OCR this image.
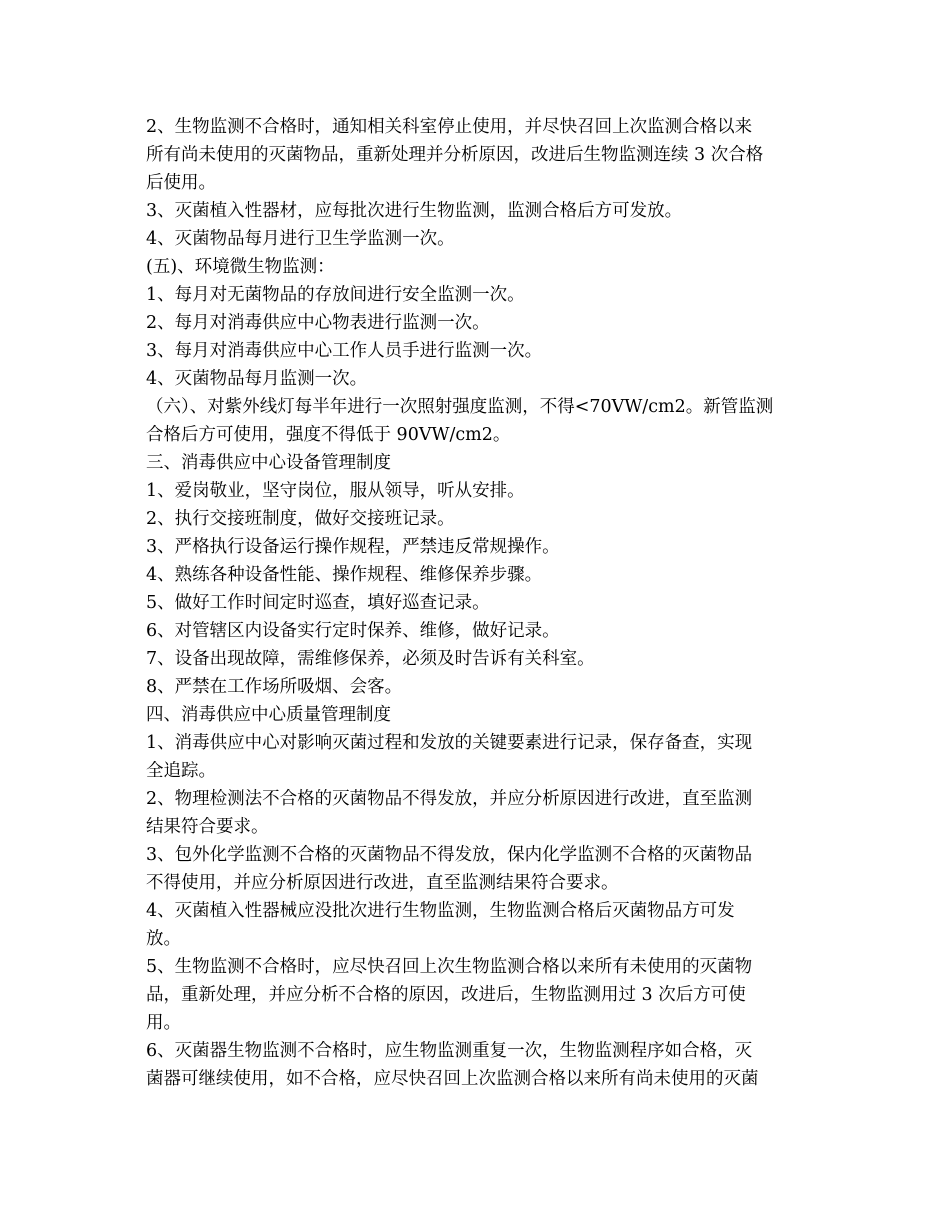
2、生物监测不合格时，通知相关科室停止使用，并尽快召回上次监测合格以来
所有尚未使用的灭菌物品，重新处理并分析原因，改进后生物监测连续 3 次合格
后使用。
3、灭菌植入性器材，应每批次进行生物监测，监测合格后方可发放。
4、灭菌物品每月进行卫生学监测一次。
(五)、环境微生物监测：
1、每月对无菌物品的存放间进行安全监测一次。
2、每月对消毒供应中心物表进行监测一次。
3、每月对消毒供应中心工作人员手进行监测一次。
4、灭菌物品每月监测一次。
（六）、对紫外线灯每半年进行一次照射强度监测，不得<70VW/cm2。新管监测
合格后方可使用，强度不得低于 90VW/cm2。
三、消毒供应中心设备管理制度
1、爱岗敬业，坚守岗位，服从领导，听从安排。
2、执行交接班制度，做好交接班记录。
3、严格执行设备运行操作规程，严禁违反常规操作。
4、熟练各种设备性能、操作规程、维修保养步骤。
5、做好工作时间定时巡查，填好巡查记录。
6、对管辖区内设备实行定时保养、维修，做好记录。
7、设备出现故障，需维修保养，必须及时告诉有关科室。
8、严禁在工作场所吸烟、会客。
四、消毒供应中心质量管理制度
1、消毒供应中心对影响灭菌过程和发放的关键要素进行记录，保存备查，实现
全追踪。
2、物理检测法不合格的灭菌物品不得发放，并应分析原因进行改进，直至监测
结果符合要求。
3、包外化学监测不合格的灭菌物品不得发放，保内化学监测不合格的灭菌物品
不得使用，并应分析原因进行改进，直至监测结果符合要求。
4、灭菌植入性器械应没批次进行生物监测，生物监测合格后灭菌物品方可发
放。
5、生物监测不合格时，应尽快召回上次生物监测合格以来所有未使用的灭菌物
品，重新处理，并应分析不合格的原因，改进后，生物监测用过 3 次后方可使
用。
6、灭菌器生物监测不合格时，应生物监测重复一次，生物监测程序如合格，灭
菌器可继续使用，如不合格，应尽快召回上次监测合格以来所有尚未使用的灭菌
